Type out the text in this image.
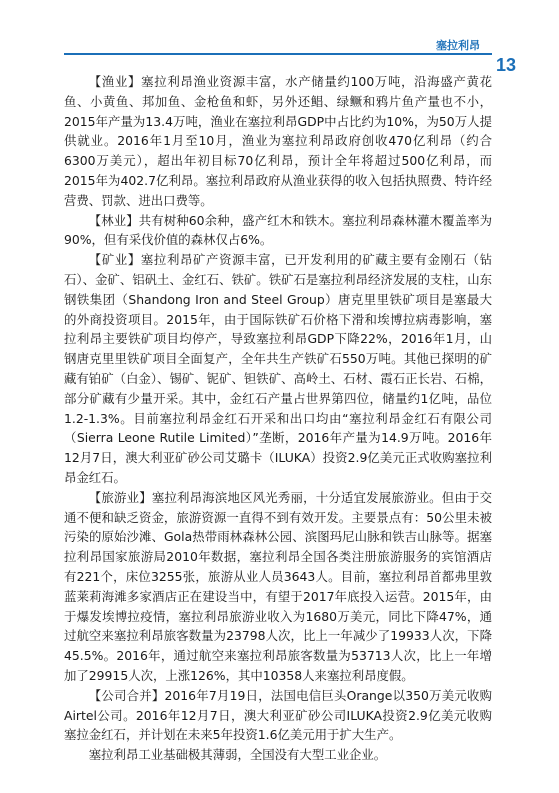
塞拉利昂
13

【渔业】塞拉利昂渔业资源丰富，水产储量约100万吨，沿海盛产黄花鱼、小黄鱼、邦加鱼、金枪鱼和虾，另外还鲳、绿鳜和鸦片鱼产量也不小，2015年产量为13.4万吨，渔业在塞拉利昂GDP中占比约为10%，为50万人提供就业。2016年1月至10月，渔业为塞拉利昂政府创收470亿利昂（约合6300万美元），超出年初目标70亿利昂，预计全年将超过500亿利昂，而2015年为402.7亿利昂。塞拉利昂政府从渔业获得的收入包括执照费、特许经营费、罚款、进出口费等。

【林业】共有树种60余种，盛产红木和铁木。塞拉利昂森林灌木覆盖率为90%，但有采伐价值的森林仅占6%。

【矿业】塞拉利昂矿产资源丰富，已开发利用的矿藏主要有金刚石（钻石）、金矿、铝矾土、金红石、铁矿。铁矿石是塞拉利昂经济发展的支柱，山东钢铁集团（Shandong Iron and Steel Group）唐克里里铁矿项目是塞最大的外商投资项目。2015年，由于国际铁矿石价格下滑和埃博拉病毒影响，塞拉利昂主要铁矿项目均停产，导致塞拉利昂GDP下降22%，2016年1月，山钢唐克里里铁矿项目全面复产，全年共生产铁矿石550万吨。其他已探明的矿藏有铂矿（白金）、锡矿、铌矿、钽铁矿、高岭土、石材、霞石正长岩、石棉，部分矿藏有少量开采。其中，金红石产量占世界第四位，储量约1亿吨，品位1.2-1.3%。目前塞拉利昂金红石开采和出口均由“塞拉利昂金红石有限公司（Sierra Leone Rutile Limited）”垄断，2016年产量为14.9万吨。2016年12月7日，澳大利亚矿砂公司艾璐卡（ILUKA）投资2.9亿美元正式收购塞拉利昂金红石。

【旅游业】塞拉利昂海滨地区风光秀丽，十分适宜发展旅游业。但由于交通不便和缺乏资金，旅游资源一直得不到有效开发。主要景点有：50公里未被污染的原始沙滩、Gola热带雨林森林公园、滨图玛尼山脉和铁吉山脉等。据塞拉利昂国家旅游局2010年数据，塞拉利昂全国各类注册旅游服务的宾馆酒店有221个，床位3255张，旅游从业人员3643人。目前，塞拉利昂首都弗里敦蓝莱莉海滩多家酒店正在建设当中，有望于2017年底投入运营。2015年，由于爆发埃博拉疫情，塞拉利昂旅游业收入为1680万美元，同比下降47%，通过航空来塞拉利昂旅客数量为23798人次，比上一年减少了19933人次，下降45.5%。2016年，通过航空来塞拉利昂旅客数量为53713人次，比上一年增加了29915人次，上涨126%，其中10358人来塞拉利昂度假。

【公司合并】2016年7月19日，法国电信巨头Orange以350万美元收购Airtel公司。2016年12月7日，澳大利亚矿砂公司ILUKA投资2.9亿美元收购塞拉金红石，并计划在未来5年投资1.6亿美元用于扩大生产。

塞拉利昂工业基础极其薄弱，全国没有大型工业企业。
